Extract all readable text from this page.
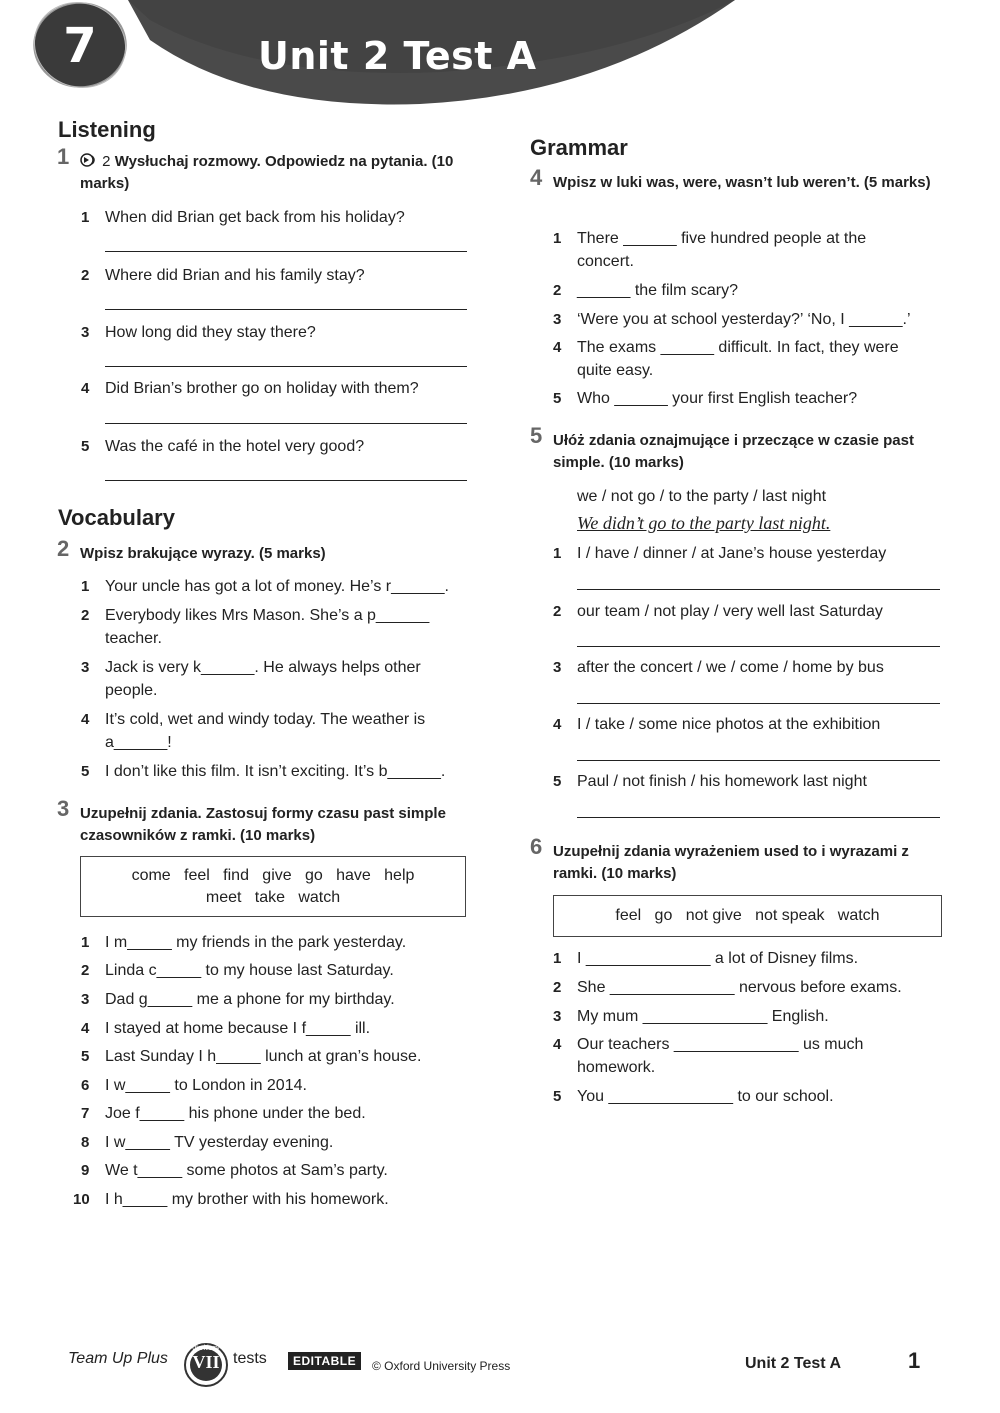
7	Unit 2 Test A
Listening
1 2 Wysłuchaj rozmowy. Odpowiedz na pytania. (10 marks)
1 When did Brian get back from his holiday?
2 Where did Brian and his family stay?
3 How long did they stay there?
4 Did Brian’s brother go on holiday with them?
5 Was the café in the hotel very good?
Vocabulary
2 Wpisz brakujące wyrazy. (5 marks)
1 Your uncle has got a lot of money. He’s r______.
2 Everybody likes Mrs Mason. She’s a p______ teacher.
3 Jack is very k______. He always helps other people.
4 It’s cold, wet and windy today. The weather is a______!
5 I don’t like this film. It isn’t exciting. It’s b______.
3 Uzupełnij zdania. Zastosuj formy czasu past simple czasowników z ramki. (10 marks)
come   feel   find   give   go   have   help
meet   take   watch
1 I m_____ my friends in the park yesterday.
2 Linda c_____ to my house last Saturday.
3 Dad g_____ me a phone for my birthday.
4 I stayed at home because I f_____ ill.
5 Last Sunday I h_____ lunch at gran’s house.
6 I w_____ to London in 2014.
7 Joe f_____ his phone under the bed.
8 I w_____ TV yesterday evening.
9 We t_____ some photos at Sam’s party.
10 I h_____ my brother with his homework.
Grammar
4 Wpisz w luki was, were, wasn’t lub weren’t. (5 marks)
1 There ______ five hundred people at the concert.
2 ______ the film scary?
3 ‘Were you at school yesterday?’ ‘No, I ______.’
4 The exams ______ difficult. In fact, they were quite easy.
5 Who ______ your first English teacher?
5 Ułóż zdania oznajmujące i przeczące w czasie past simple. (10 marks)
we / not go / to the party / last night
We didn’t go to the party last night.
1 I / have / dinner / at Jane’s house yesterday
2 our team / not play / very well last Saturday
3 after the concert / we / come / home by bus
4 I / take / some nice photos at the exhibition
5 Paul / not finish / his homework last night
6 Uzupełnij zdania wyrażeniem used to i wyrazami z ramki. (10 marks)
feel   go   not give   not speak   watch
1 I ______________ a lot of Disney films.
2 She ______________ nervous before exams.
3 My mum ______________ English.
4 Our teachers ______________ us much homework.
5 You ______________ to our school.
Team Up Plus
dla klasy
VII tests	EDITABLE	© Oxford University Press	Unit 2 Test A	1
